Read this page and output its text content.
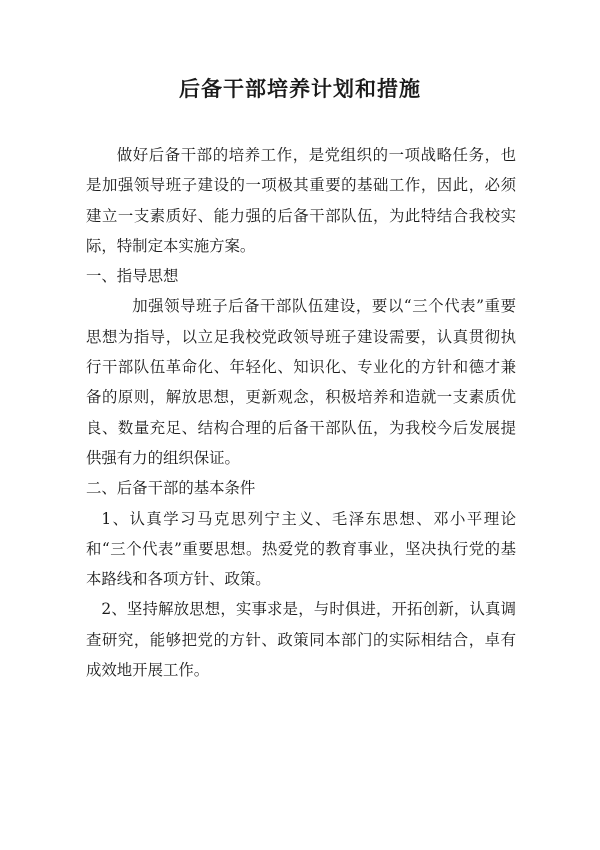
后备干部培养计划和措施

做好后备干部的培养工作，是党组织的一项战略任务，也是加强领导班子建设的一项极其重要的基础工作，因此，必须建立一支素质好、能力强的后备干部队伍，为此特结合我校实际，特制定本实施方案。

一、指导思想

加强领导班子后备干部队伍建设，要以“三个代表”重要思想为指导，以立足我校党政领导班子建设需要，认真贯彻执行干部队伍革命化、年轻化、知识化、专业化的方针和德才兼备的原则，解放思想，更新观念，积极培养和造就一支素质优良、数量充足、结构合理的后备干部队伍，为我校今后发展提供强有力的组织保证。

二、后备干部的基本条件

1、认真学习马克思列宁主义、毛泽东思想、邓小平理论和“三个代表”重要思想。热爱党的教育事业，坚决执行党的基本路线和各项方针、政策。

2、坚持解放思想，实事求是，与时俱进，开拓创新，认真调查研究，能够把党的方针、政策同本部门的实际相结合，卓有成效地开展工作。
